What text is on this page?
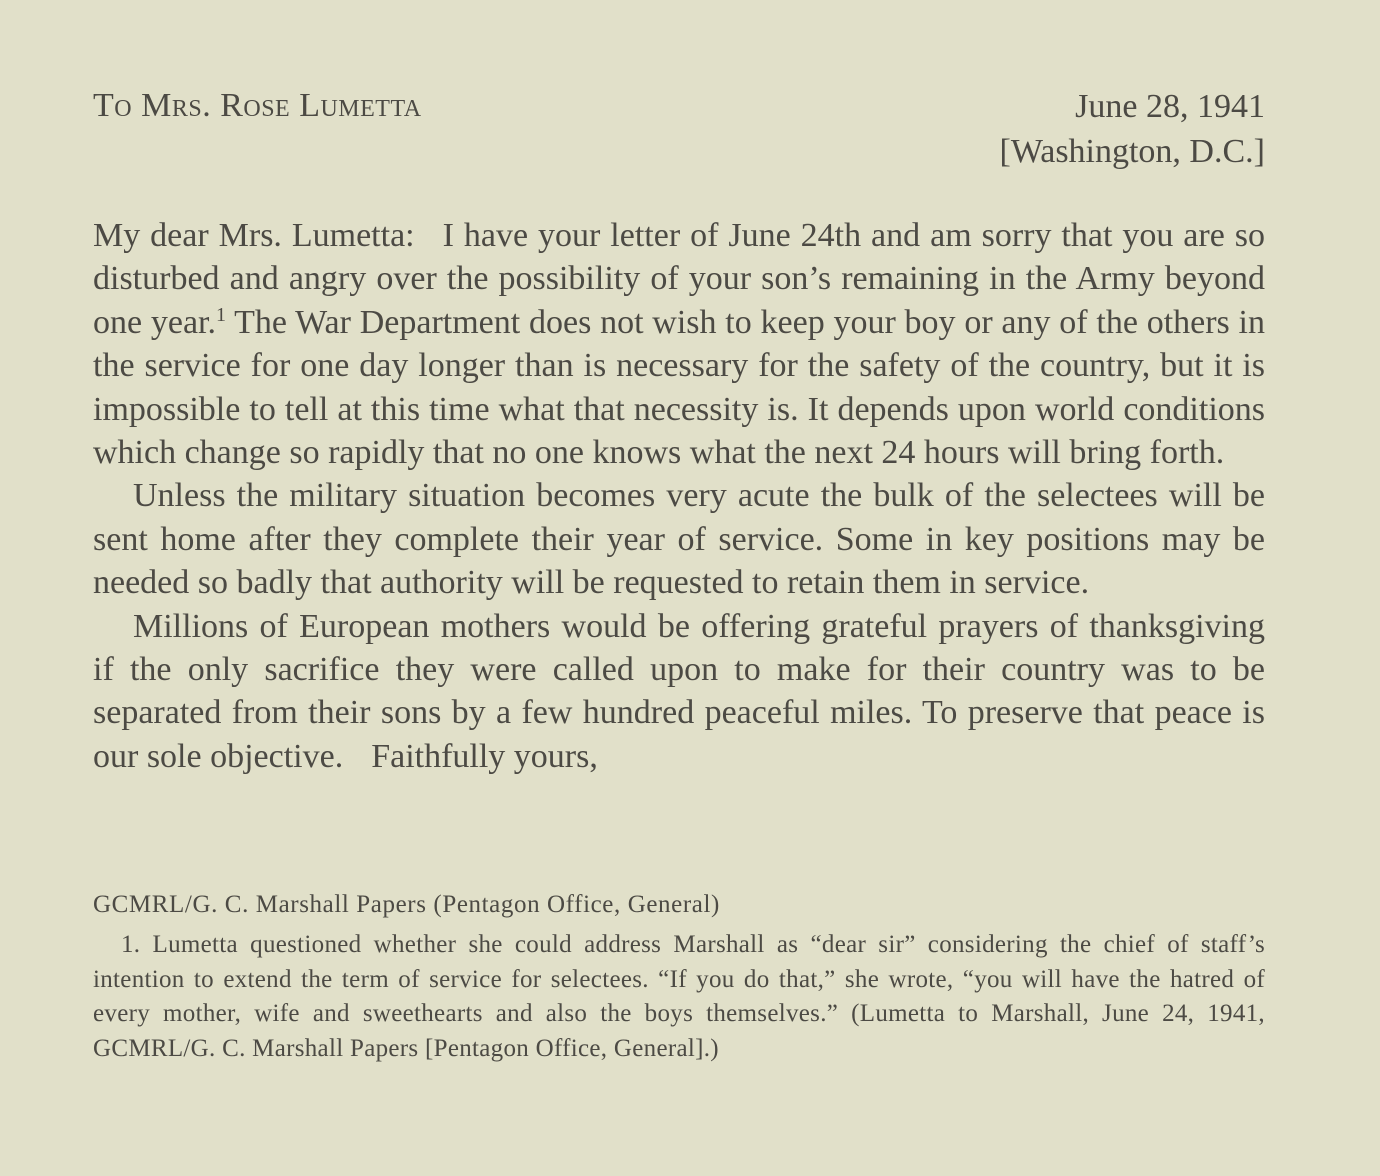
To Mrs. Rose Lumetta	June 28, 1941
[Washington, D.C.]

My dear Mrs. Lumetta: I have your letter of June 24th and am sorry that you are so disturbed and angry over the possibility of your son’s remaining in the Army beyond one year.$^1$ The War Department does not wish to keep your boy or any of the others in the service for one day longer than is necessary for the safety of the country, but it is impossible to tell at this time what that necessity is. It depends upon world conditions which change so rapidly that no one knows what the next 24 hours will bring forth.

Unless the military situation becomes very acute the bulk of the selectees will be sent home after they complete their year of service. Some in key positions may be needed so badly that authority will be requested to retain them in service.

Millions of European mothers would be offering grateful prayers of thanksgiving if the only sacrifice they were called upon to make for their country was to be separated from their sons by a few hundred peaceful miles. To preserve that peace is our sole objective. Faithfully yours,

GCMRL/G. C. Marshall Papers (Pentagon Office, General)
1. Lumetta questioned whether she could address Marshall as “dear sir” considering the chief of staff’s intention to extend the term of service for selectees. “If you do that,” she wrote, “you will have the hatred of every mother, wife and sweethearts and also the boys themselves.” (Lumetta to Marshall, June 24, 1941, GCMRL/G. C. Marshall Papers [Pentagon Office, General].)
